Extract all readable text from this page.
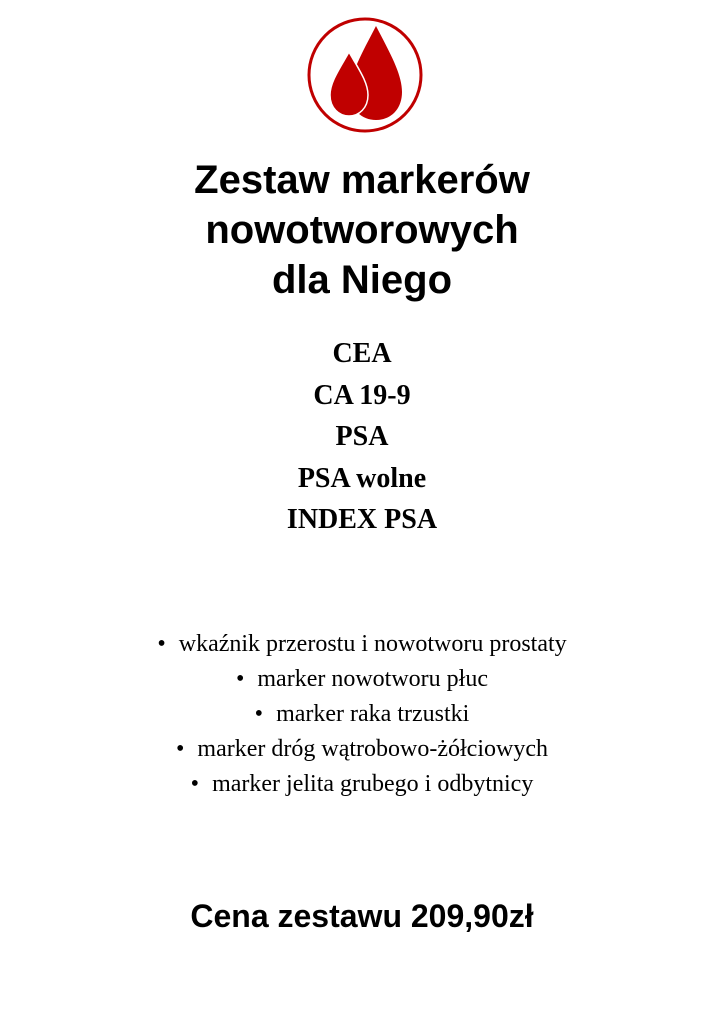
Zestaw markerów
nowotworowych
dla Niego
CEA
CA 19-9
PSA
PSA wolne
INDEX PSA
• wkaźnik przerostu i nowotworu prostaty
• marker nowotworu płuc
• marker raka trzustki
• marker dróg wątrobowo-żółciowych
• marker jelita grubego i odbytnicy

Cena zestawu 209,90zł
